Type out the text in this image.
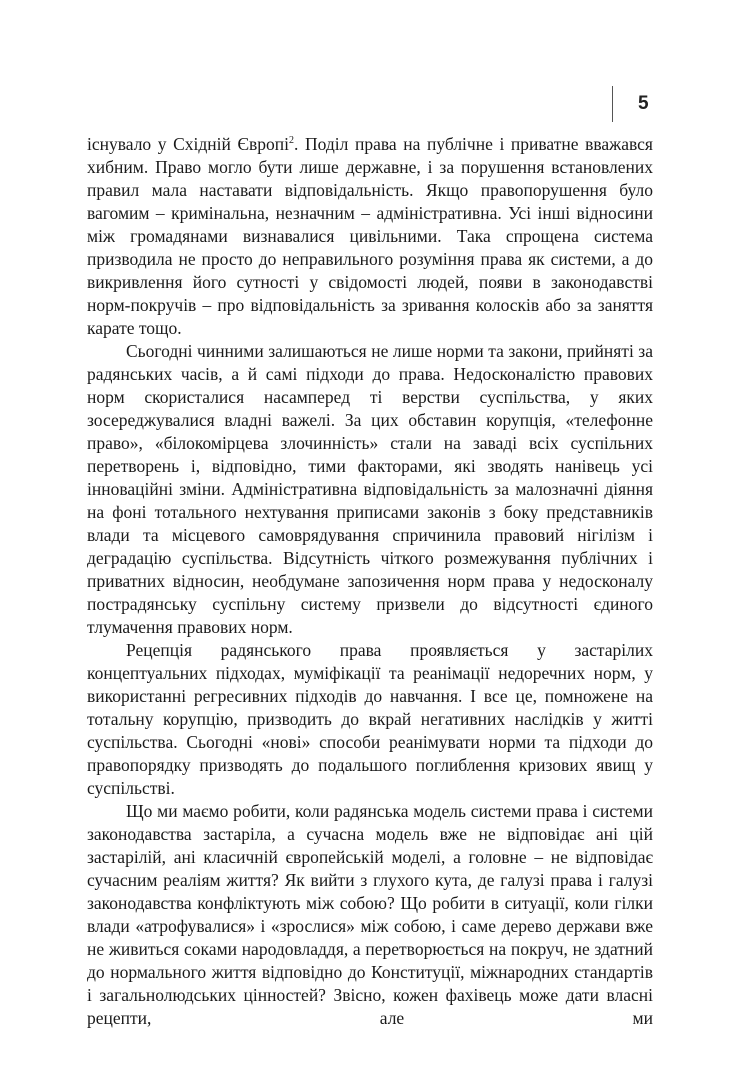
5

існувало у Східній Європі$^2$. Поділ права на публічне і приватне вважався хибним. Право могло бути лише державне, і за порушення встановлених правил мала наставати відповідальність. Якщо правопорушення було вагомим – кримінальна, незначним – адміністративна. Усі інші відносини між громадянами визнавалися цивільними. Така спрощена система призводила не просто до неправильного розуміння права як системи, а до викривлення його сутності у свідомості людей, появи в законодавстві норм-покручів – про відповідальність за зривання колосків або за заняття карате тощо.

Сьогодні чинними залишаються не лише норми та закони, прийняті за радянських часів, а й самі підходи до права. Недосконалістю правових норм скористалися насамперед ті верстви суспільства, у яких зосереджувалися владні важелі. За цих обставин корупція, «телефонне право», «білокомірцева злочинність» стали на заваді всіх суспільних перетворень і, відповідно, тими факторами, які зводять нанівець усі інноваційні зміни. Адміністративна відповідальність за малозначні діяння на фоні тотального нехтування приписами законів з боку представників влади та місцевого самоврядування спричинила правовий нігілізм і деградацію суспільства. Відсутність чіткого розмежування публічних і приватних відносин, необдумане запозичення норм права у недосконалу пострадянську суспільну систему призвели до відсутності єдиного тлумачення правових норм.

Рецепція радянського права проявляється у застарілих концептуальних підходах, муміфікації та реанімації недоречних норм, у використанні регресивних підходів до навчання. І все це, помножене на тотальну корупцію, призводить до вкрай негативних наслідків у житті суспільства. Сьогодні «нові» способи реанімувати норми та підходи до правопорядку призводять до подальшого поглиблення кризових явищ у суспільстві.

Що ми маємо робити, коли радянська модель системи права і системи законодавства застаріла, а сучасна модель вже не відповідає ані цій застарілій, ані класичній європейській моделі, а головне – не відповідає сучасним реаліям життя? Як вийти з глухого кута, де галузі права і галузі законодавства конфліктують між собою? Що робити в ситуації, коли гілки влади «атрофувалися» і «зрослися» між собою, і саме дерево держави вже не живиться соками народовладдя, а перетворюється на покруч, не здатний до нормального життя відповідно до Конституції, міжнародних стандартів і загальнолюдських цінностей? Звісно, кожен фахівець може дати власні рецепти, але ми
